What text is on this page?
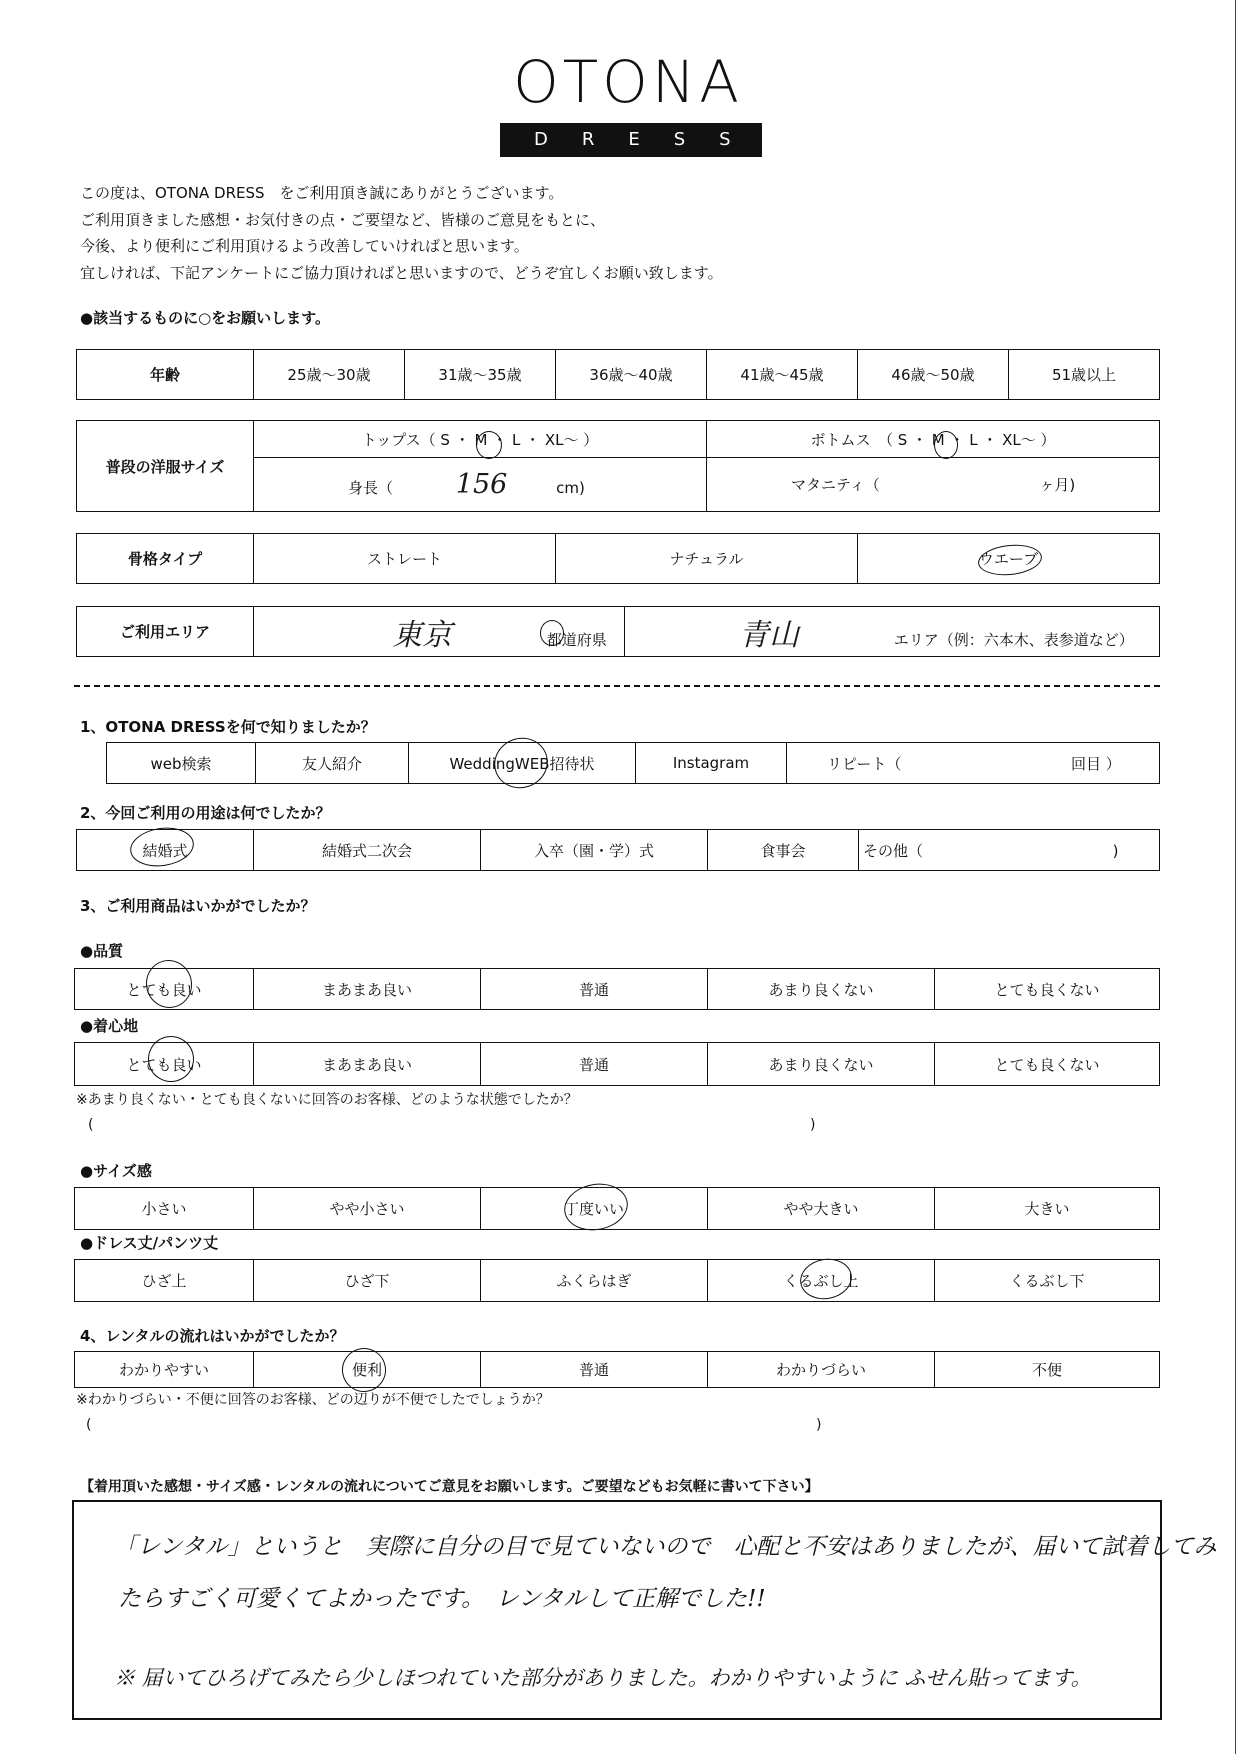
OTONA
DRESS
この度は、OTONA DRESS　をご利用頂き誠にありがとうございます。
ご利用頂きました感想・お気付きの点・ご要望など、皆様のご意見をもとに、
今後、より便利にご利用頂けるよう改善していければと思います。
宜しければ、下記アンケートにご協力頂ければと思いますので、どうぞ宜しくお願い致します。
●該当するものに○をお願いします。
年齢	25歳～30歳	31歳～35歳	36歳～40歳	41歳～45歳	46歳～50歳	51歳以上
普段の洋服サイズ	トップス（ S ・ M ・ L ・ XL～ ）	ボトムス　（ S ・ M ・ L ・ XL～ ）
	身長（ 156 cm)	マタニティ（ ヶ月)
骨格タイプ	ストレート	ナチュラル	ウエーブ
ご利用エリア	東京	都道府県	青山	エリア（例：六本木、表参道など）
1、OTONA DRESSを何で知りましたか？
web検索	友人紹介	WeddingWEB招待状	Instagram	リピート（	回目 ）
2、今回ご利用の用途は何でしたか？
結婚式	結婚式二次会	入卒（園・学）式	食事会	その他（	)
3、ご利用商品はいかがでしたか？
●品質
とても良い	まあまあ良い	普通	あまり良くない	とても良くない
●着心地
とても良い	まあまあ良い	普通	あまり良くない	とても良くない
※あまり良くない・とても良くないに回答のお客様、どのような状態でしたか？
(	)
●サイズ感
小さい	やや小さい	丁度いい	やや大きい	大きい
●ドレス丈/パンツ丈
ひざ上	ひざ下	ふくらはぎ	くるぶし上	くるぶし下
4、レンタルの流れはいかがでしたか？
わかりやすい	便利	普通	わかりづらい	不便
※わかりづらい・不便に回答のお客様、どの辺りが不便でしたでしょうか？
(	)
【着用頂いた感想・サイズ感・レンタルの流れについてご意見をお願いします。ご要望などもお気軽に書いて下さい】
「レンタル」というと　実際に自分の目で見ていないので　心配と不安はありましたが、届いて試着してみ
たらすごく可愛くてよかったです。　レンタルして正解でした!!
※ 届いてひろげてみたら少しほつれていた部分がありました。わかりやすいように ふせん貼ってます。
